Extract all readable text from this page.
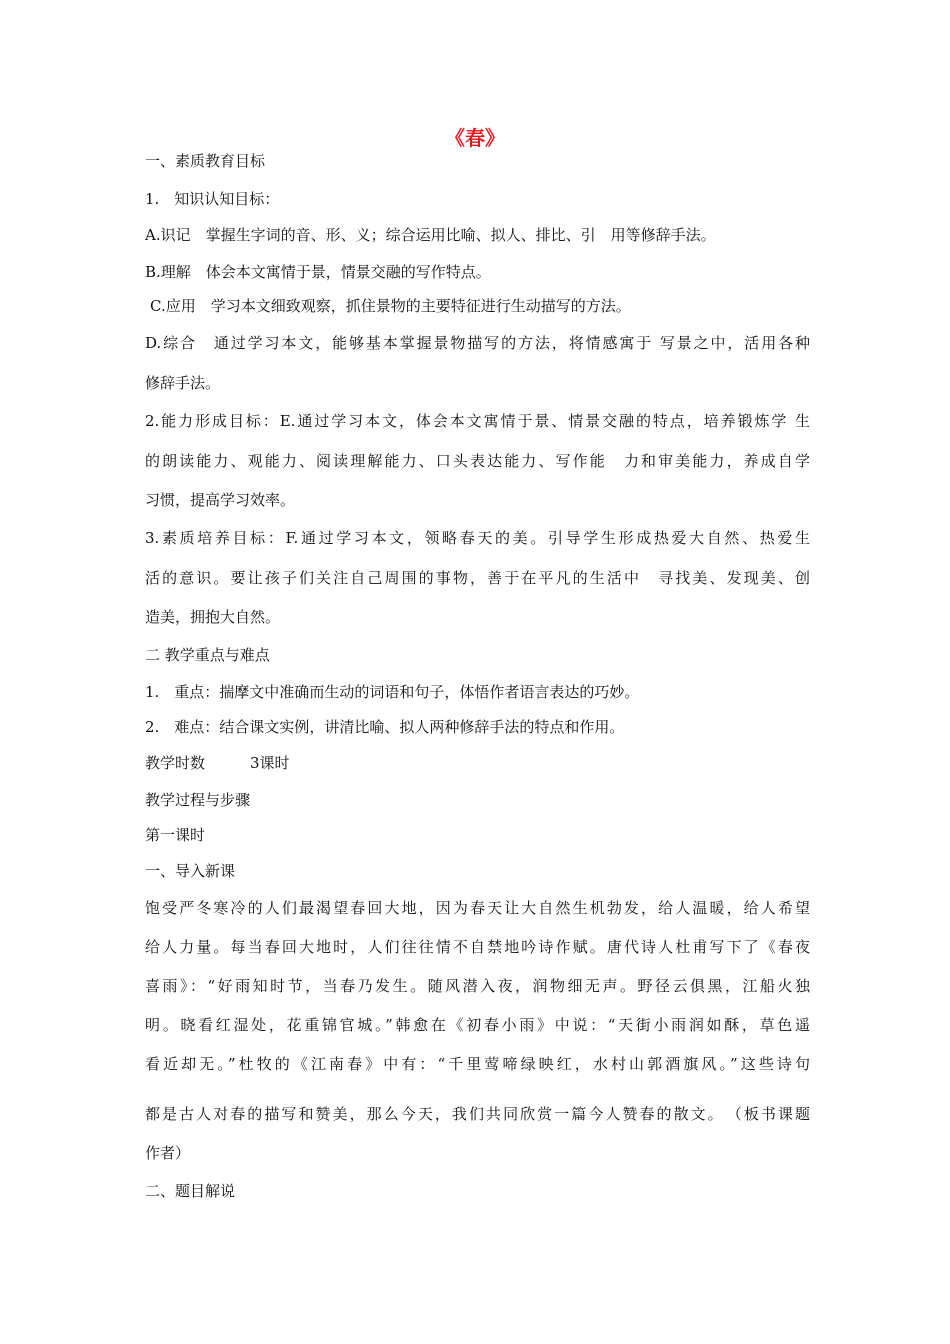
《春》

一、素质教育目标

1.　知识认知目标：

A.识记　掌握生字词的音、形、义；综合运用比喻、拟人、排比、引　用等修辞手法。

B.理解　体会本文寓情于景，情景交融的写作特点。

C.应用　学习本文细致观察，抓住景物的主要特征进行生动描写的方法。

D.综合　通过学习本文，能够基本掌握景物描写的方法，将情感寓于 写景之中，活用各种

修辞手法。

2.能力形成目标：E.通过学习本文，体会本文寓情于景、情景交融的特点，培养锻炼学 生

的朗读能力、观能力、阅读理解能力、口头表达能力、写作能　力和审美能力，养成自学

习惯，提高学习效率。

3.素质培养目标：F.通过学习本文，领略春天的美。引导学生形成热爱大自然、热爱生

活的意识。要让孩子们关注自己周围的事物，善于在平凡的生活中　寻找美、发现美、创

造美，拥抱大自然。

二 教学重点与难点

1.　重点：揣摩文中准确而生动的词语和句子，体悟作者语言表达的巧妙。

2.　难点：结合课文实例，讲清比喻、拟人两种修辞手法的特点和作用。

教学时数　　　3课时

教学过程与步骤

第一课时

一、导入新课

饱受严冬寒冷的人们最渴望春回大地，因为春天让大自然生机勃发，给人温暖，给人希望

给人力量。每当春回大地时，人们往往情不自禁地吟诗作赋。唐代诗人杜甫写下了《春夜

喜雨》：“好雨知时节，当春乃发生。随风潜入夜，润物细无声。野径云俱黑，江船火独

明。晓看红湿处，花重锦官城。”韩愈在《初春小雨》中说：“天街小雨润如酥，草色遥

看近却无。”杜牧的《江南春》中有：“千里莺啼绿映红，水村山郭酒旗风。”这些诗句

都是古人对春的描写和赞美，那么今天，我们共同欣赏一篇今人赞春的散文。　（板书课题

作者）

二、题目解说
